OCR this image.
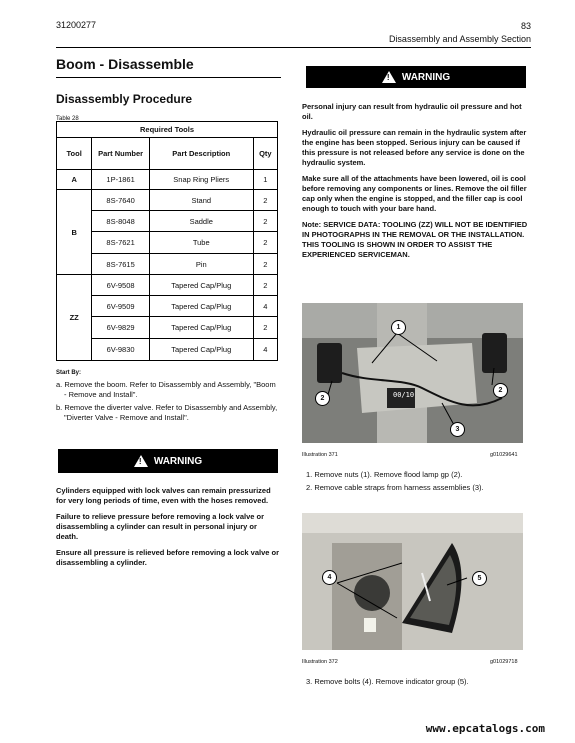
31200277	83
Disassembly and Assembly Section
Boom - Disassemble
Disassembly Procedure
Table 28
Required Tools			
Tool	Part Number	Part Description	Qty
A	1P-1861	Snap Ring Pliers	1
B	8S-7640	Stand	2
	8S-8048	Saddle	2
	8S-7621	Tube	2
	8S-7615	Pin	2
ZZ	6V-9508	Tapered Cap/Plug	2
	6V-9509	Tapered Cap/Plug	4
	6V-9829	Tapered Cap/Plug	2
	6V-9830	Tapered Cap/Plug	4
Start By:
a. Remove the boom. Refer to Disassembly and Assembly, "Boom - Remove and Install".
b. Remove the diverter valve. Refer to Disassembly and Assembly, "Diverter Valve - Remove and Install".
! WARNING

Cylinders equipped with lock valves can remain pressurized for very long periods of time, even with the hoses removed.

Failure to relieve pressure before removing a lock valve or disassembling a cylinder can result in personal injury or death.

Ensure all pressure is relieved before removing a lock valve or disassembling a cylinder.

! WARNING

Personal injury can result from hydraulic oil pressure and hot oil.

Hydraulic oil pressure can remain in the hydraulic system after the engine has been stopped. Serious injury can be caused if this pressure is not released before any service is done on the hydraulic system.

Make sure all of the attachments have been lowered, oil is cool before removing any components or lines. Remove the oil filler cap only when the engine is stopped, and the filler cap is cool enough to touch with your bare hand.

Note: SERVICE DATA: TOOLING (ZZ) WILL NOT BE IDENTIFIED IN PHOTOGRAPHS IN THE REMOVAL OR THE INSTALLATION. THIS TOOLING IS SHOWN IN ORDER TO ASSIST THE EXPERIENCED SERVICEMAN.

00/10
1
2
2
3
Illustration 371	g01029641
1. Remove nuts (1). Remove flood lamp gp (2).
2. Remove cable straps from harness assemblies (3).
4	5
Illustration 372	g01029718
3. Remove bolts (4). Remove indicator group (5).
www.epcatalogs.com
